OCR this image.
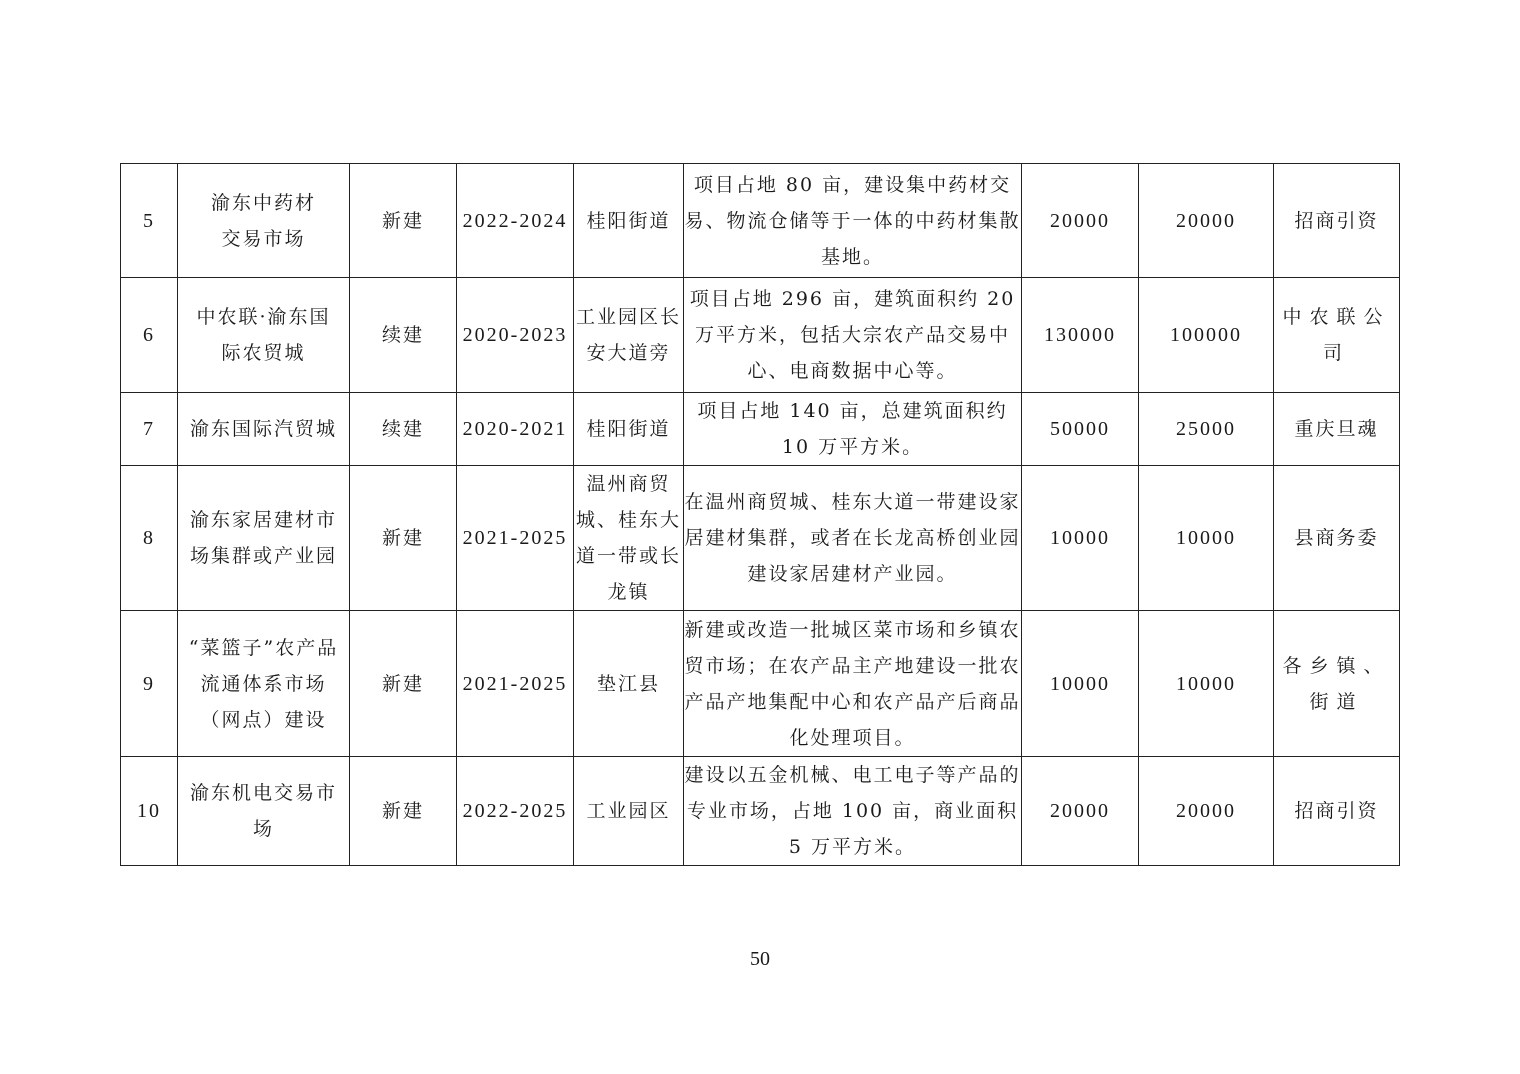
5	渝东中药材交易市场	新建	2022-2024	桂阳街道	项目占地 80 亩，建设集中药材交易、物流仓储等于一体的中药材集散基地。	20000	20000	招商引资
6	中农联·渝东国际农贸城	续建	2020-2023	工业园区长安大道旁	项目占地 296 亩，建筑面积约 20 万平方米，包括大宗农产品交易中心、电商数据中心等。	130000	100000	中农联公司
7	渝东国际汽贸城	续建	2020-2021	桂阳街道	项目占地 140 亩，总建筑面积约 10 万平方米。	50000	25000	重庆旦魂
8	渝东家居建材市场集群或产业园	新建	2021-2025	温州商贸城、桂东大道一带或长龙镇	在温州商贸城、桂东大道一带建设家居建材集群，或者在长龙高桥创业园建设家居建材产业园。	10000	10000	县商务委
9	“菜篮子”农产品流通体系市场（网点）建设	新建	2021-2025	垫江县	新建或改造一批城区菜市场和乡镇农贸市场；在农产品主产地建设一批农产品产地集配中心和农产品产后商品化处理项目。	10000	10000	各乡镇、街道
10	渝东机电交易市场	新建	2022-2025	工业园区	建设以五金机械、电工电子等产品的专业市场，占地 100 亩，商业面积 5 万平方米。	20000	20000	招商引资
50
